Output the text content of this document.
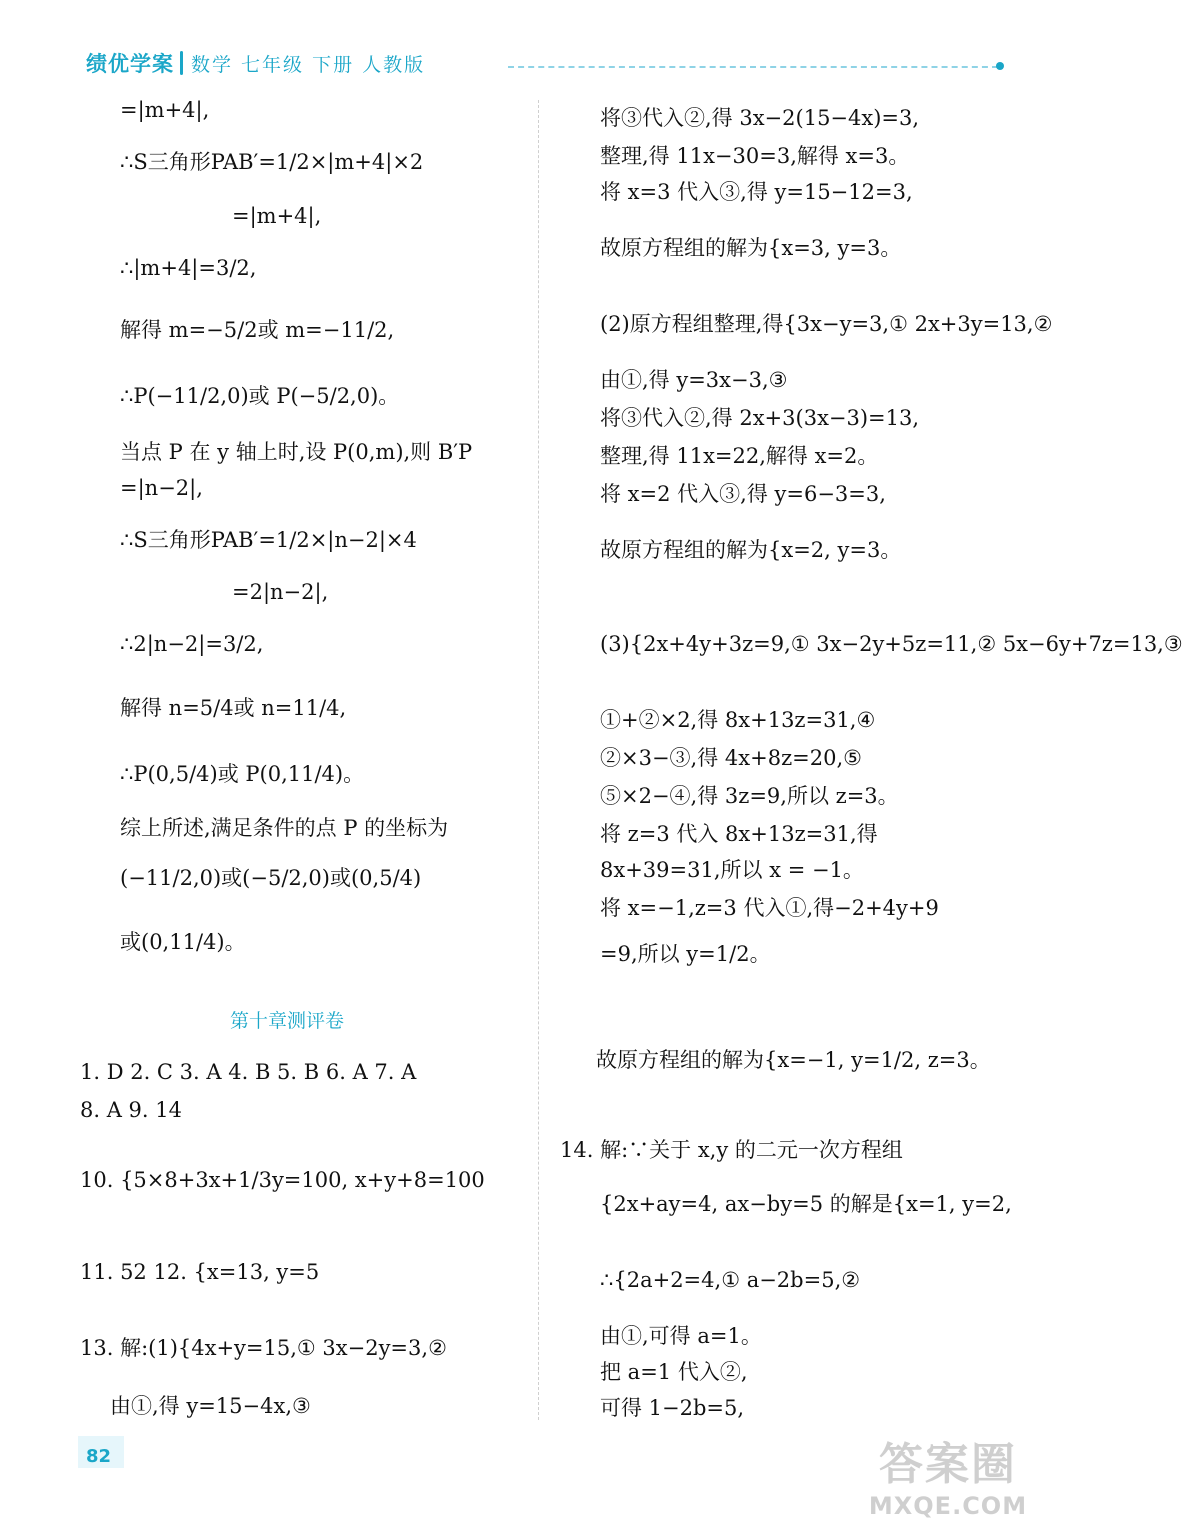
绩优学案 数学 七年级 下册 人教版
=|m+4|,
∴S三角形PAB′=1/2×|m+4|×2
=|m+4|,
∴|m+4|=3/2,
解得 m=−5/2或 m=−11/2,
∴P(−11/2,0)或 P(−5/2,0)。
当点 P 在 y 轴上时,设 P(0,m),则 B′P
=|n−2|,
∴S三角形PAB′=1/2×|n−2|×4
=2|n−2|,
∴2|n−2|=3/2,
解得 n=5/4或 n=11/4,
∴P(0,5/4)或 P(0,11/4)。
综上所述,满足条件的点 P 的坐标为
(−11/2,0)或(−5/2,0)或(0,5/4)
或(0,11/4)。
第十章测评卷
1. D 2. C 3. A 4. B 5. B 6. A 7. A
8. A 9. 14
10. {5×8+3x+1/3y=100, x+y+8=100
11. 52 12. {x=13, y=5
13. 解:(1){4x+y=15,① 3x−2y=3,②
由①,得 y=15−4x,③
将③代入②,得 3x−2(15−4x)=3,
整理,得 11x−30=3,解得 x=3。
将 x=3 代入③,得 y=15−12=3,
故原方程组的解为{x=3, y=3。
(2)原方程组整理,得{3x−y=3,① 2x+3y=13,②
由①,得 y=3x−3,③
将③代入②,得 2x+3(3x−3)=13,
整理,得 11x=22,解得 x=2。
将 x=2 代入③,得 y=6−3=3,
故原方程组的解为{x=2, y=3。
(3){2x+4y+3z=9,① 3x−2y+5z=11,② 5x−6y+7z=13,③
①+②×2,得 8x+13z=31,④
②×3−③,得 4x+8z=20,⑤
⑤×2−④,得 3z=9,所以 z=3。
将 z=3 代入 8x+13z=31,得
8x+39=31,所以 x = −1。
将 x=−1,z=3 代入①,得−2+4y+9
=9,所以 y=1/2。
故原方程组的解为{x=−1, y=1/2, z=3。
14. 解:∵关于 x,y 的二元一次方程组
{2x+ay=4, ax−by=5 的解是{x=1, y=2,
∴{2a+2=4,① a−2b=5,②
由①,可得 a=1。
把 a=1 代入②,
可得 1−2b=5,
82	答案圈
MXQE.COM
